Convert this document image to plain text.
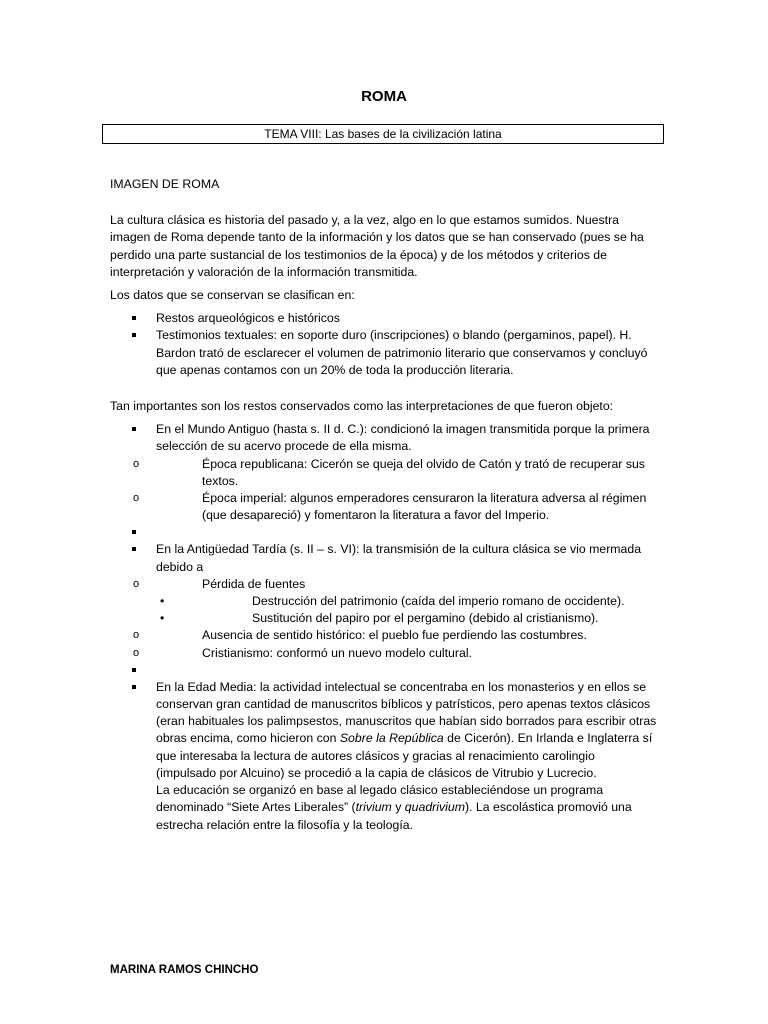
ROMA
TEMA VIII: Las bases de la civilización latina

IMAGEN DE ROMA

La cultura clásica es historia del pasado y, a la vez, algo en lo que estamos sumidos. Nuestra imagen de Roma depende tanto de la información y los datos que se han conservado (pues se ha perdido una parte sustancial de los testimonios de la época) y de los métodos y criterios de interpretación y valoración de la información transmitida.

Los datos que se conservan se clasifican en:

Restos arqueológicos e históricos
Testimonios textuales: en soporte duro (inscripciones) o blando (pergaminos, papel). H. Bardon trató de esclarecer el volumen de patrimonio literario que conservamos y concluyó que apenas contamos con un 20% de toda la producción literaria.

Tan importantes son los restos conservados como las interpretaciones de que fueron objeto:

En el Mundo Antiguo (hasta s. II d. C.): condicionó la imagen transmitida porque la primera selección de su acervo procede de ella misma.
o Época republicana: Cicerón se queja del olvido de Catón y trató de recuperar sus textos.
o Época imperial: algunos emperadores censuraron la literatura adversa al régimen (que desapareció) y fomentaron la literatura a favor del Imperio.
En la Antigüedad Tardía (s. II – s. VI): la transmisión de la cultura clásica se vio mermada debido a
o Pérdida de fuentes
• Destrucción del patrimonio (caída del imperio romano de occidente).
• Sustitución del papiro por el pergamino (debido al cristianismo).
o Ausencia de sentido histórico: el pueblo fue perdiendo las costumbres.
o Cristianismo: conformó un nuevo modelo cultural.
En la Edad Media: la actividad intelectual se concentraba en los monasterios y en ellos se conservan gran cantidad de manuscritos bíblicos y patrísticos, pero apenas textos clásicos (eran habituales los palimpsestos, manuscritos que habían sido borrados para escribir otras obras encima, como hicieron con Sobre la República de Cicerón). En Irlanda e Inglaterra sí que interesaba la lectura de autores clásicos y gracias al renacimiento carolingio (impulsado por Alcuino) se procedió a la capia de clásicos de Vitrubio y Lucrecio.
La educación se organizó en base al legado clásico estableciéndose un programa denominado “Siete Artes Liberales” (trivium y quadrivium). La escolástica promovió una estrecha relación entre la filosofía y la teología.
MARINA RAMOS CHINCHO
